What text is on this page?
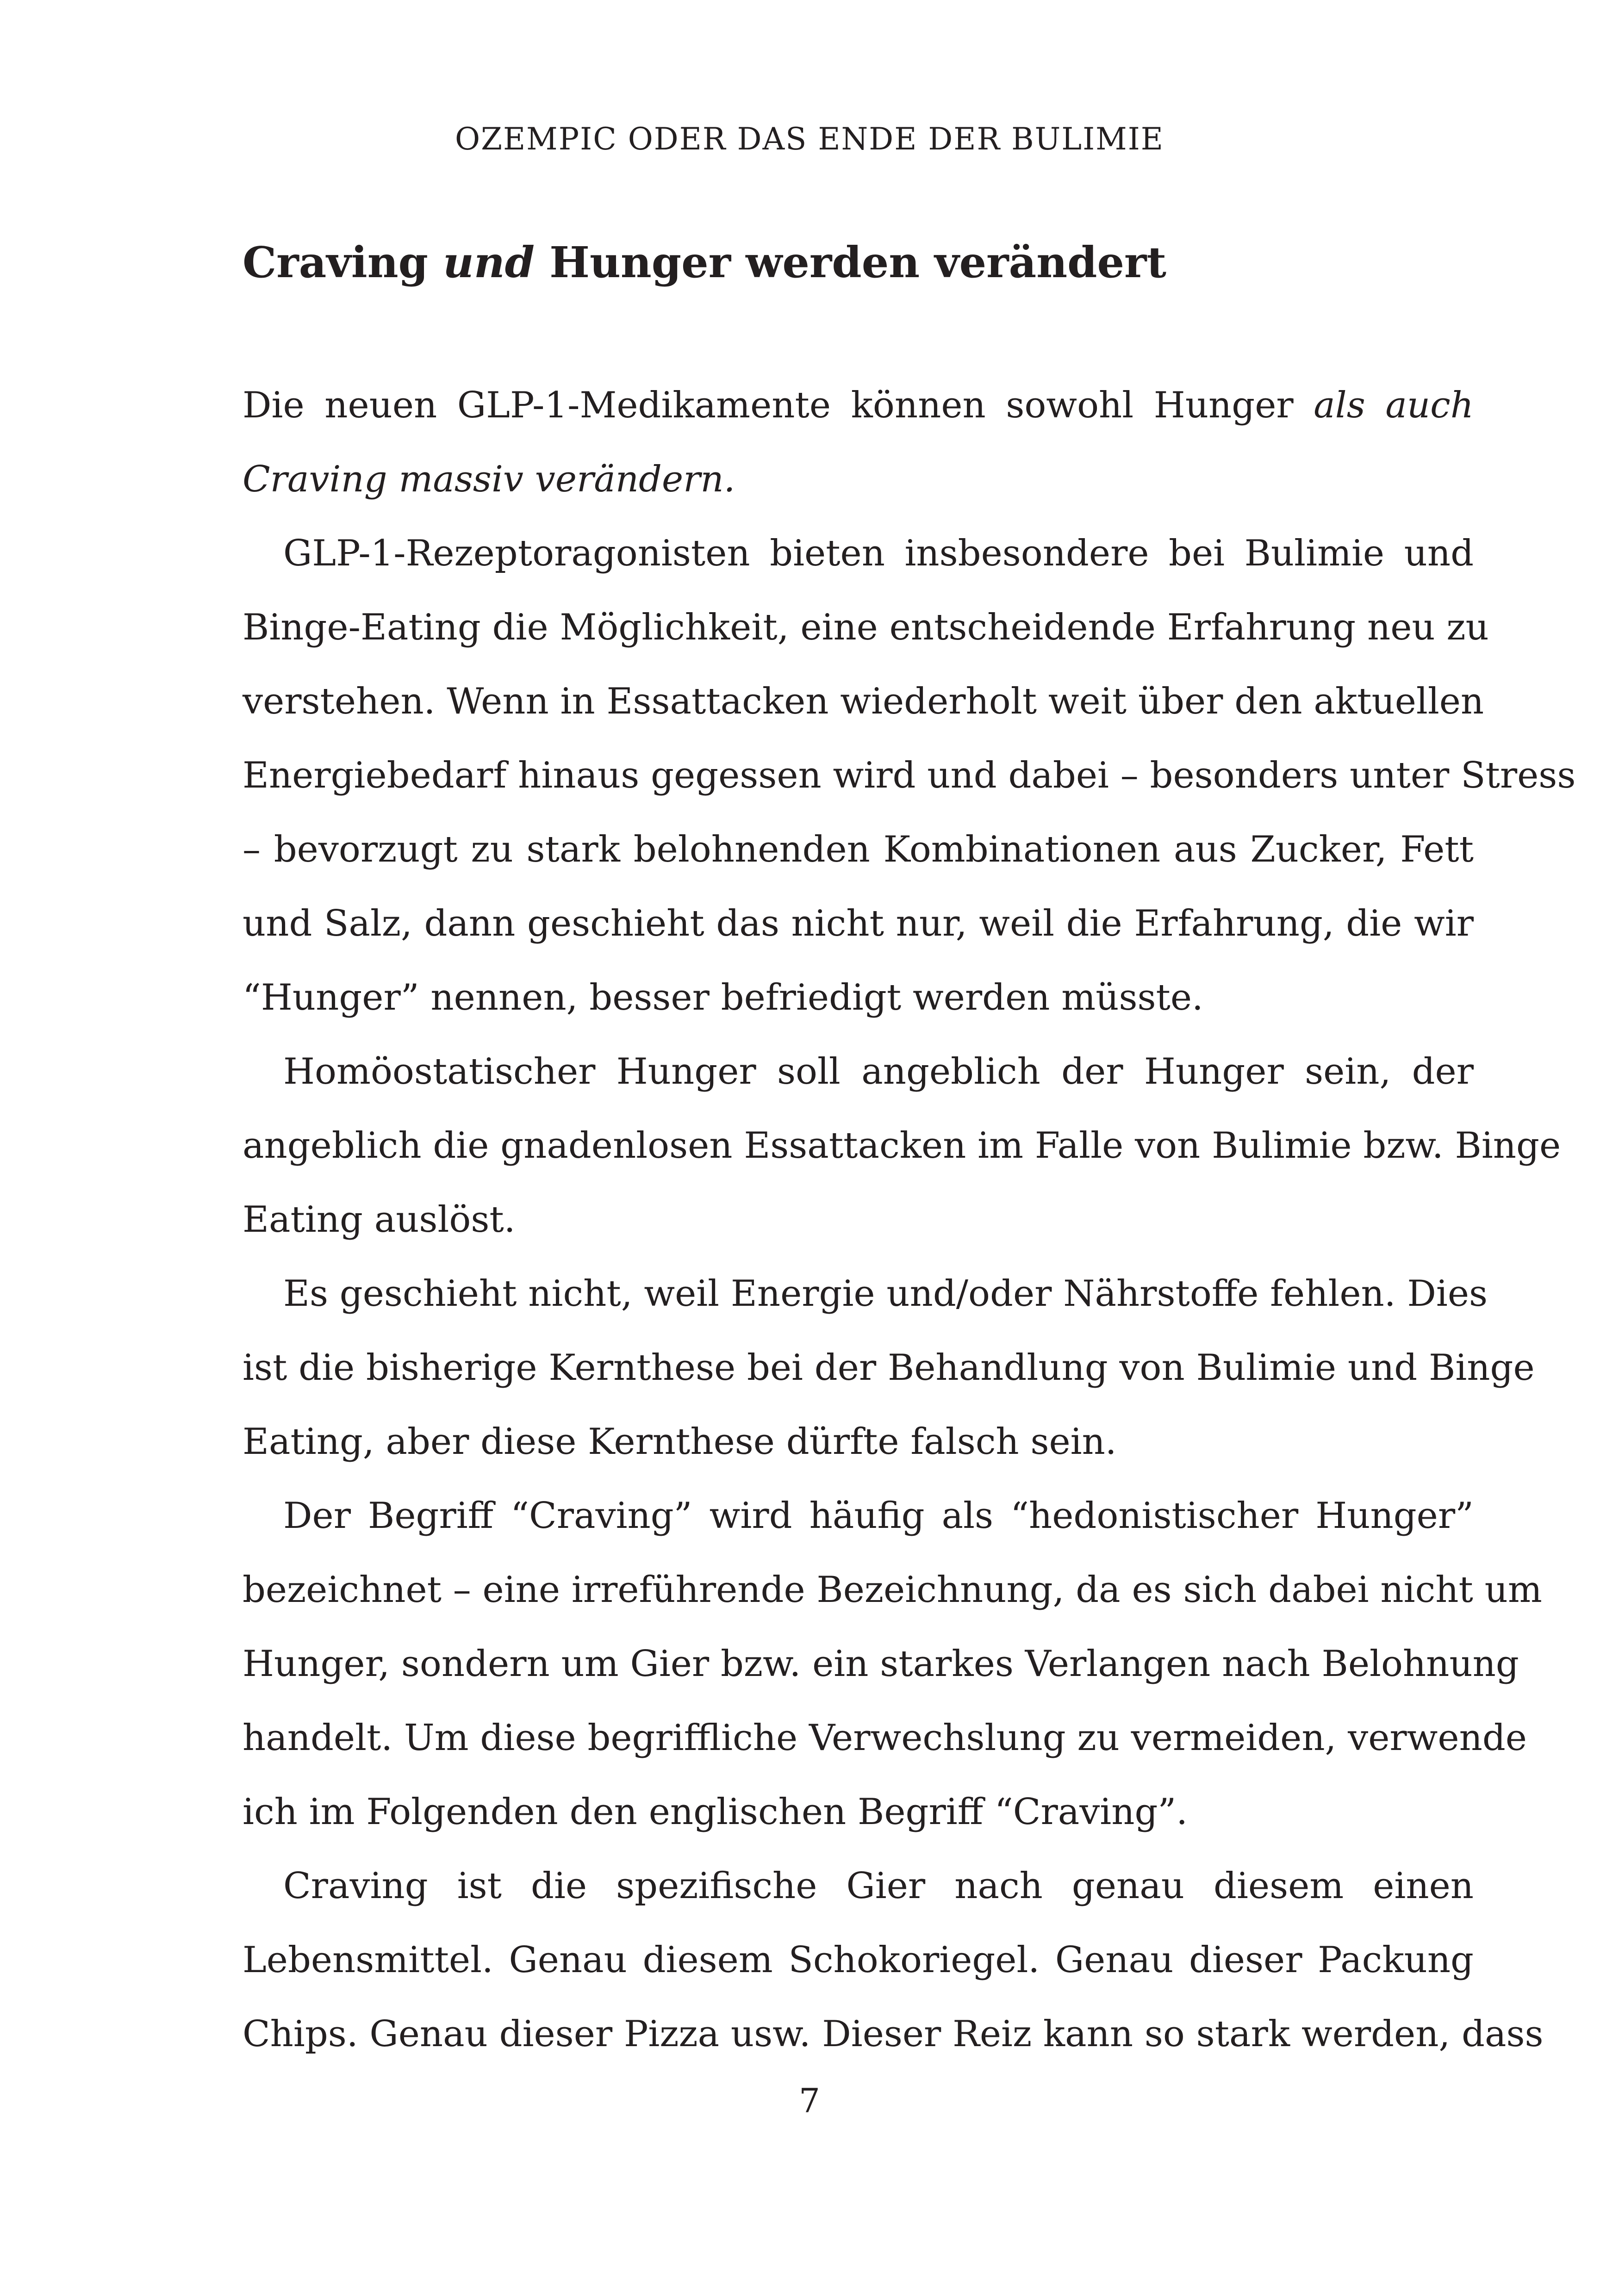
OZEMPIC ODER DAS ENDE DER BULIMIE
Craving und Hunger werden verändert
Die neuen GLP-1-Medikamente können sowohl Hunger als auch
Craving massiv verändern.
GLP-1-Rezeptoragonisten bieten insbesondere bei Bulimie und
Binge-Eating die Möglichkeit, eine entscheidende Erfahrung neu zu
verstehen. Wenn in Essattacken wiederholt weit über den aktuellen
Energiebedarf hinaus gegessen wird und dabei – besonders unter Stress
– bevorzugt zu stark belohnenden Kombinationen aus Zucker, Fett
und Salz, dann geschieht das nicht nur, weil die Erfahrung, die wir
“Hunger” nennen, besser befriedigt werden müsste.
Homöostatischer Hunger soll angeblich der Hunger sein, der
angeblich die gnadenlosen Essattacken im Falle von Bulimie bzw. Binge
Eating auslöst.
Es geschieht nicht, weil Energie und/oder Nährstoffe fehlen. Dies
ist die bisherige Kernthese bei der Behandlung von Bulimie und Binge
Eating, aber diese Kernthese dürfte falsch sein.
Der Begriff “Craving” wird häufig als “hedonistischer Hunger”
bezeichnet – eine irreführende Bezeichnung, da es sich dabei nicht um
Hunger, sondern um Gier bzw. ein starkes Verlangen nach Belohnung
handelt. Um diese begriffliche Verwechslung zu vermeiden, verwende
ich im Folgenden den englischen Begriff “Craving”.
Craving ist die spezifische Gier nach genau diesem einen
Lebensmittel. Genau diesem Schokoriegel. Genau dieser Packung
Chips. Genau dieser Pizza usw. Dieser Reiz kann so stark werden, dass
7
